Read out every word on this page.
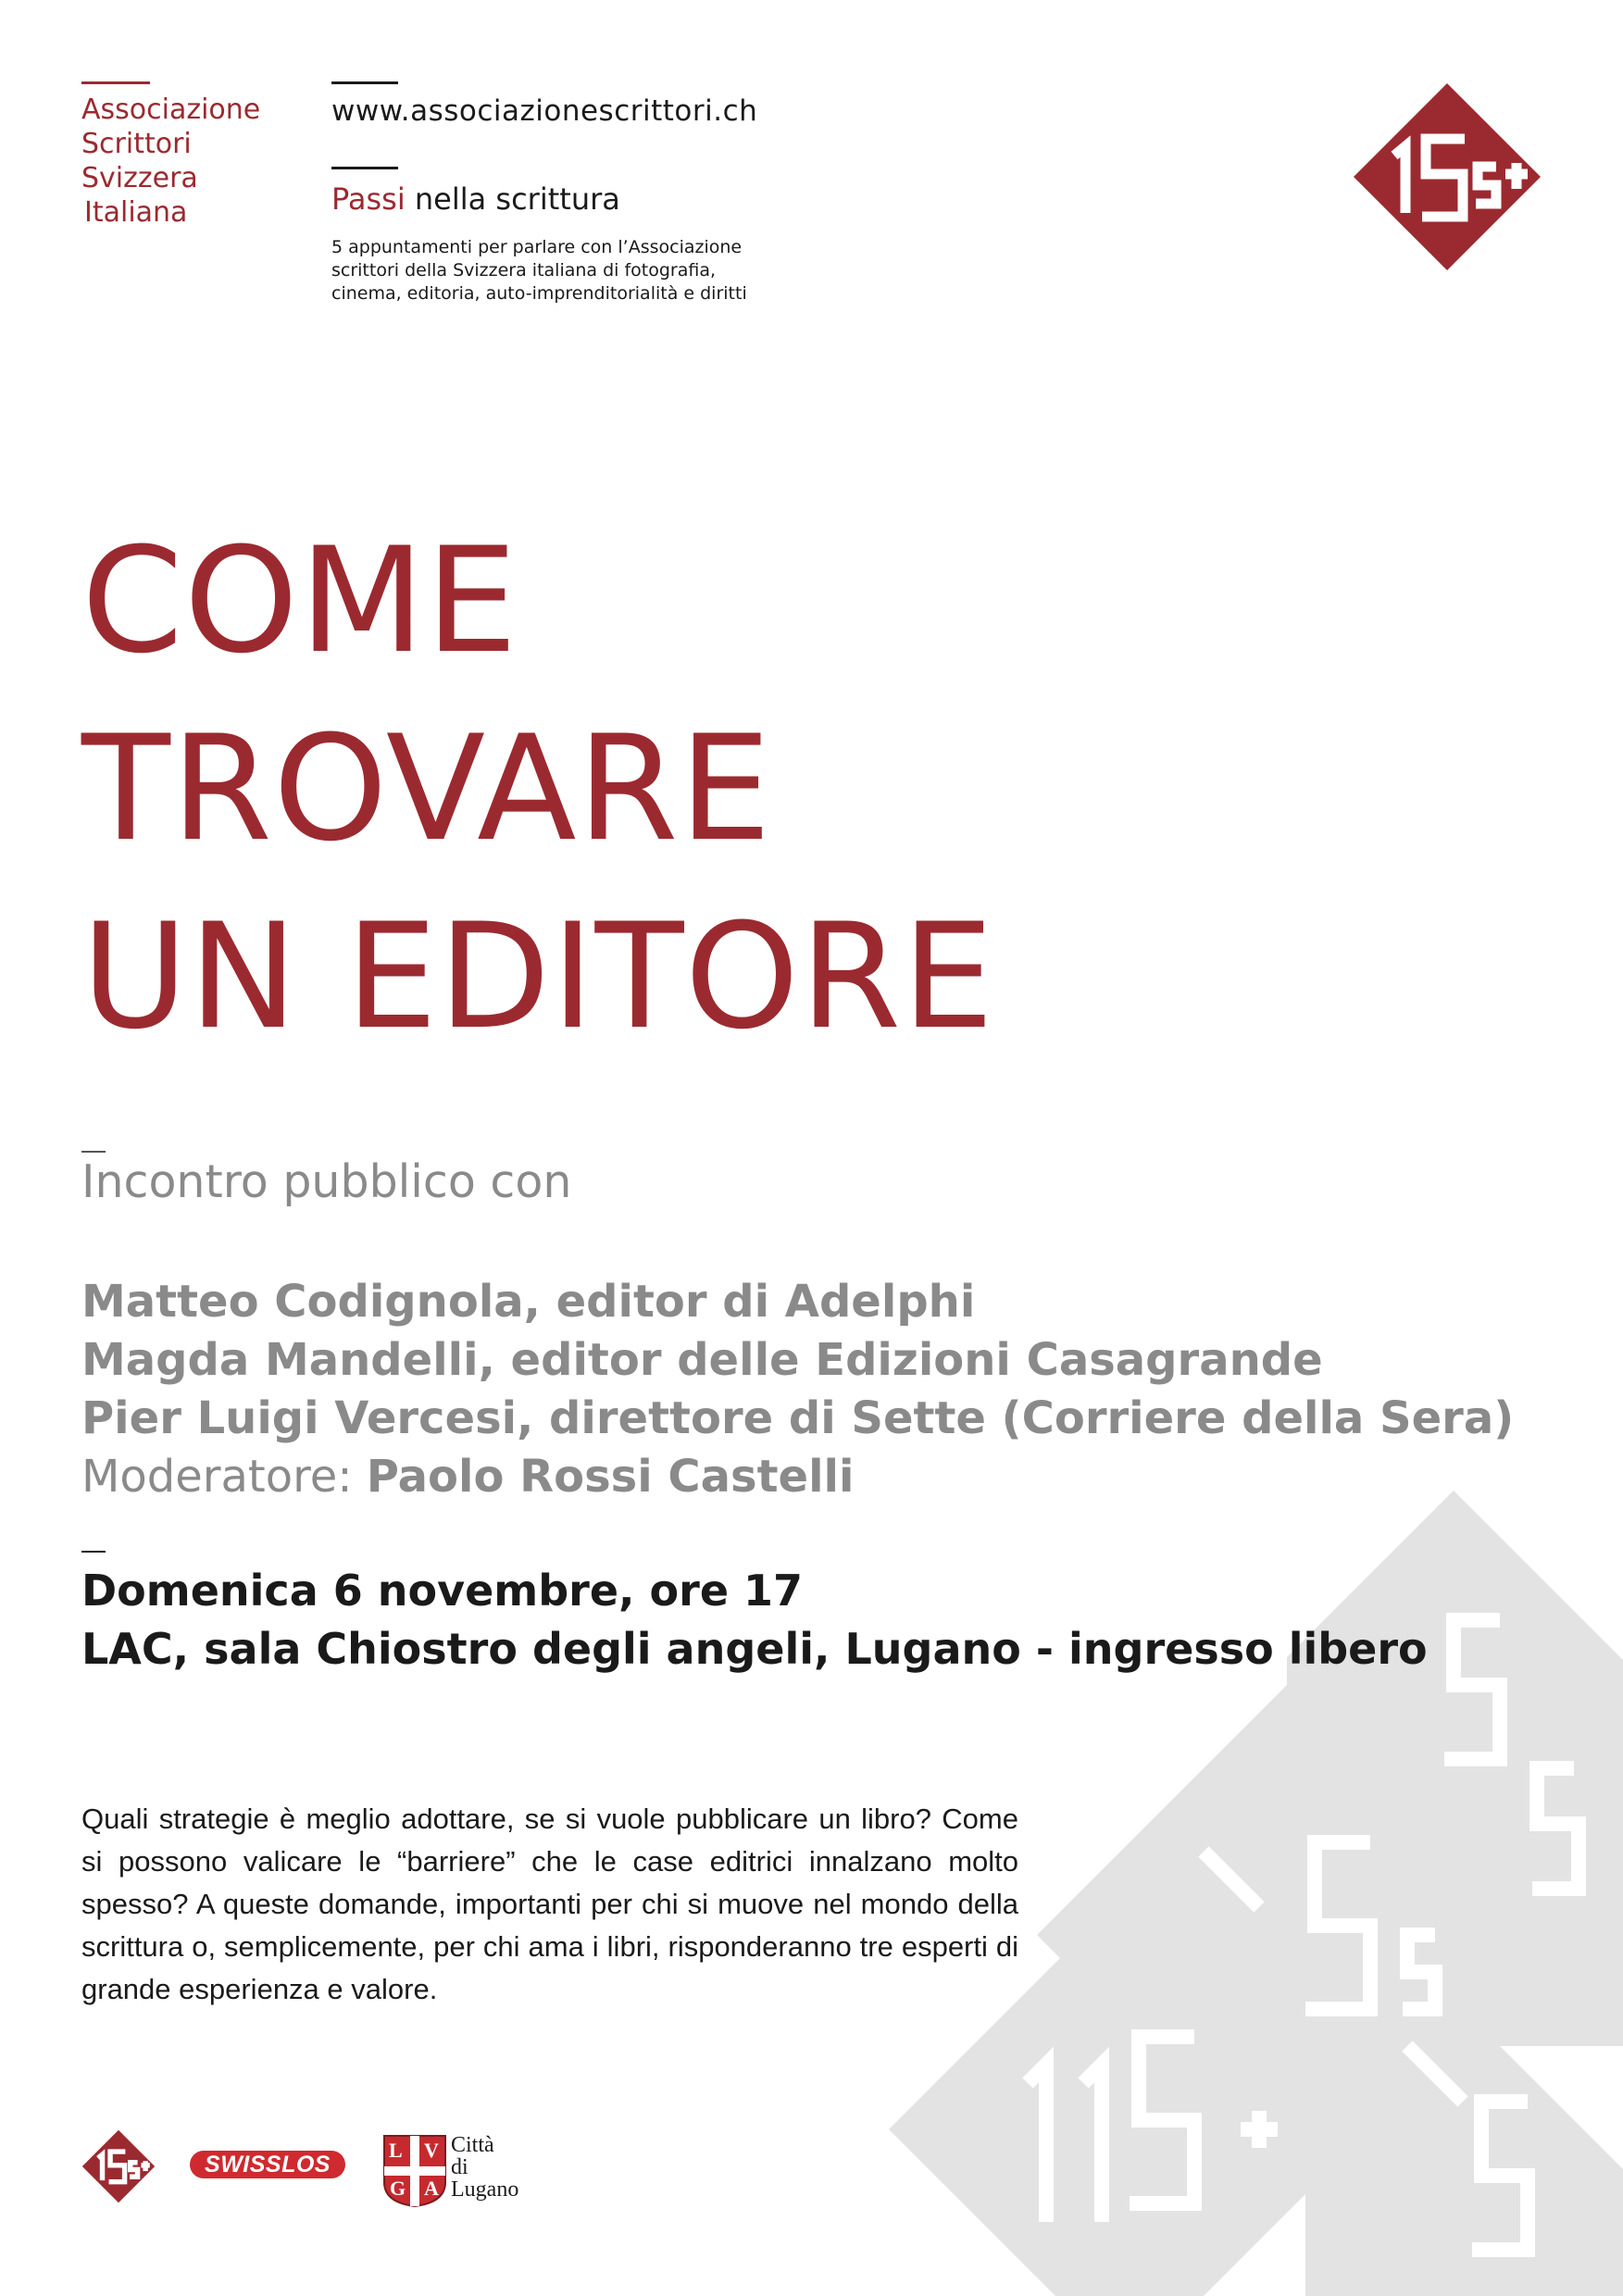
Associazione
Scrittori
Svizzera
Italiana
www.associazionescrittori.ch
Passi nella scrittura
5 appuntamenti per parlare con l’Associazione
scrittori della Svizzera italiana di fotografia,
cinema, editoria, auto-imprenditorialità e diritti
COME
TROVARE
UN EDITORE
Incontro pubblico con
Matteo Codignola, editor di Adelphi
Magda Mandelli, editor delle Edizioni Casagrande
Pier Luigi Vercesi, direttore di Sette (Corriere della Sera)
Moderatore: Paolo Rossi Castelli
Domenica 6 novembre, ore 17
LAC, sala Chiostro degli angeli, Lugano - ingresso libero
Quali strategie è meglio adottare, se si vuole pubblicare un libro? Come si possono valicare le “barriere” che le case editrici innalzano molto spesso? A queste domande, importanti per chi si muove nel mondo della scrittura o, semplicemente, per chi ama i libri, risponderanno tre esperti di grande esperienza e valore.
SWISSLOS
L V
G A
Città
di
Lugano
